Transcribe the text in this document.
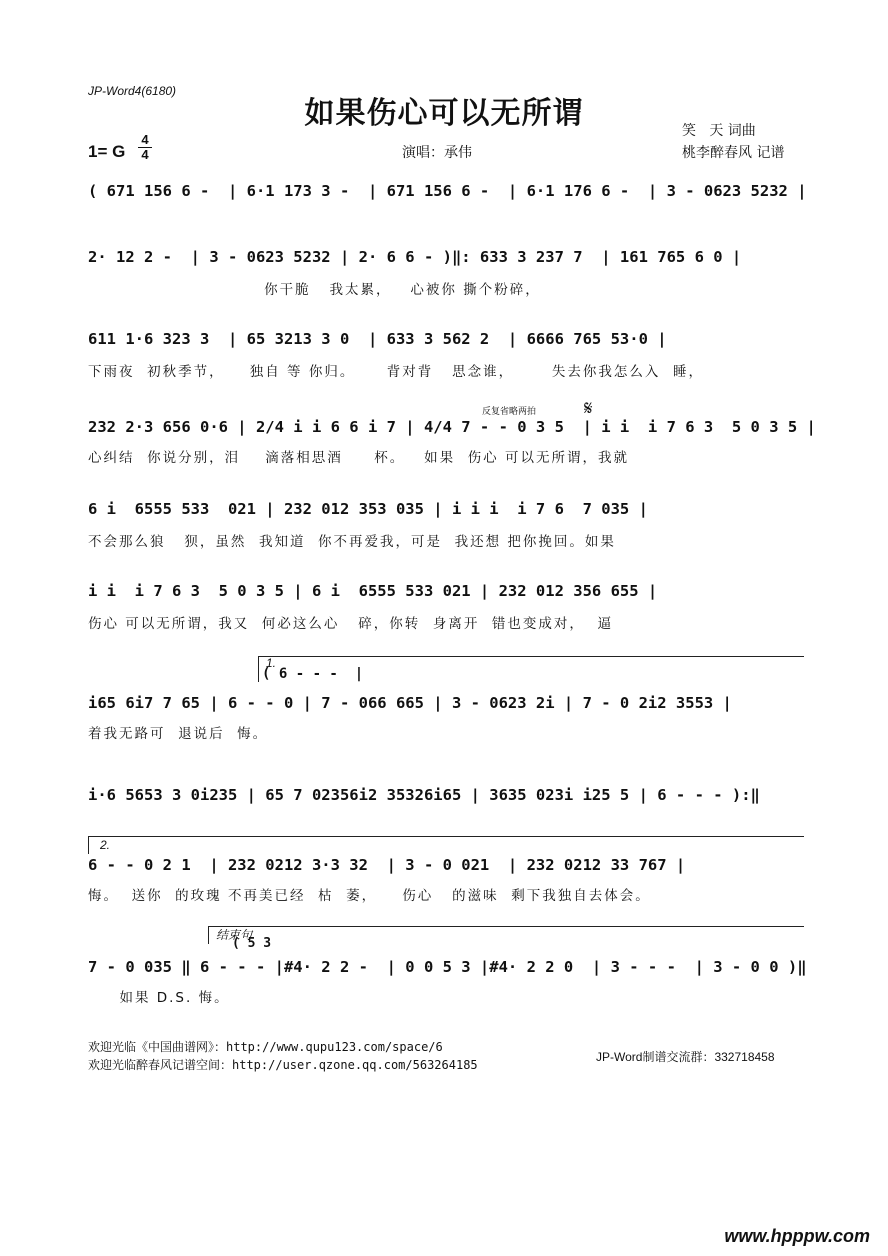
JP-Word4(6180)
如果伤心可以无所谓	笑   天 词曲
桃李醉春风 记谱
演唱：承伟
1= G
4
4
( 671 156 6 -  | 6·1 173 3 -  | 671 156 6 -  | 6·1 176 6 -  | 3 - 0623 5232 |
2· 12 2 -  | 3 - 0623 5232 | 2· 6 6 - )‖: 633 3 237 7  | 161 765 6 0 |
你干脆   我太累，   心被你 撕个粉碎，
611 1·6 323 3  | 65 3213 3 0  | 633 3 562 2  | 6666 765 53·0 |
下雨夜  初秋季节，    独自 等 你归。     背对背   思念谁，      失去你我怎么入  睡，
反复省略两拍 𝄋
232 2·3 656 0·6 | 2/4 i i 6 6 i 7 | 4/4 7 - - 0 3 5  | i i  i 7 6 3  5 0 3 5 |
心纠结  你说分别，泪    滴落相思酒     杯。   如果  伤心 可以无所谓，我就
6 i  6555 533  021 | 232 012 353 035 | i i i  i 7 6  7 035 |
不会那么狼   狈，虽然  我知道  你不再爱我，可是  我还想 把你挽回。如果
i i  i 7 6 3  5 0 3 5 | 6 i  6555 533 021 | 232 012 356 655 |
伤心 可以无所谓，我又  何必这么心   碎，你转  身离开  错也变成对，  逼
1.
( 6 - - -  |
i65 6i7 7 65 | 6 - - 0 | 7 - 066 665 | 3 - 0623 2i | 7 - 0 2i2 3553 |
着我无路可  退说后  悔。
i·6 5653 3 0i235 | 65 7 02356i2 35326i65 | 3635 023i i25 5 | 6 - - - ):‖
2.
6 - - 0 2 1  | 232 0212 3·3 32  | 3 - 0 021  | 232 0212 33 767 |
悔。  送你  的玫瑰 不再美已经  枯  萎，    伤心   的滋味  剩下我独自去体会。
结束句
( 5 3
7 - 0 035 ‖ 6 - - - |#4· 2 2 -  | 0 0 5 3 |#4· 2 2 0  | 3 - - -  | 3 - 0 0 )‖
如果 D.S. 悔。
欢迎光临《中国曲谱网》：http://www.qupu123.com/space/6
欢迎光临醉春风记谱空间：http://user.qzone.qq.com/563264185
JP-Word制谱交流群：332718458
www.hpppw.com
